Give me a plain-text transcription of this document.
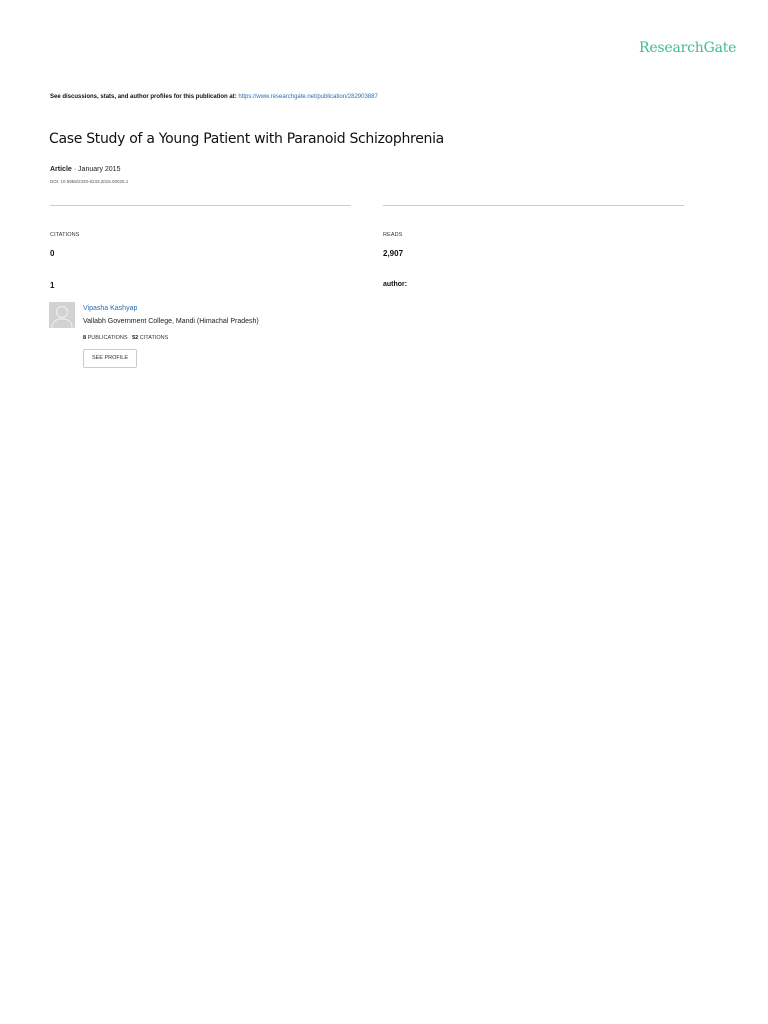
ResearchGate
See discussions, stats, and author profiles for this publication at: https://www.researchgate.net/publication/282903887
Case Study of a Young Patient with Paranoid Schizophrenia
Article · January 2015
DOI: 10.5958/2320-6233.2015.00025.1
CITATIONS
0
READS
2,907
1	author:
Vipasha Kashyap
Vallabh Government College, Mandi (Himachal Pradesh)
8 PUBLICATIONS 52 CITATIONS
SEE PROFILE
